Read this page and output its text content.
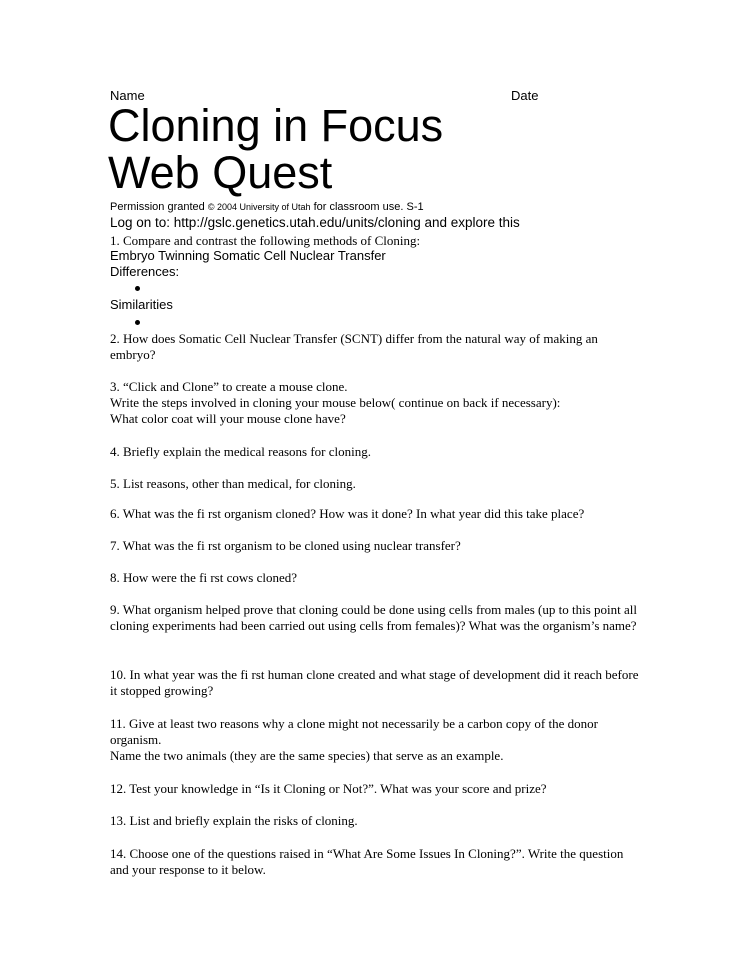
Name	Date
Cloning in Focus
Web Quest
Permission granted © 2004 University of Utah for classroom use. S-1
Log on to: http://gslc.genetics.utah.edu/units/cloning and explore this
1. Compare and contrast the following methods of Cloning:
Embryo Twinning Somatic Cell Nuclear Transfer
Differences:
Similarities
2. How does Somatic Cell Nuclear Transfer (SCNT) differ from the natural way of making an embryo?
3. “Click and Clone” to create a mouse clone.
Write the steps involved in cloning your mouse below( continue on back if necessary):
What color coat will your mouse clone have?
4. Briefly explain the medical reasons for cloning.
5. List reasons, other than medical, for cloning.
6. What was the fi rst organism cloned? How was it done? In what year did this take place?
7. What was the fi rst organism to be cloned using nuclear transfer?
8. How were the fi rst cows cloned?
9. What organism helped prove that cloning could be done using cells from males (up to this point all cloning experiments had been carried out using cells from females)? What was the organism’s name?
10. In what year was the fi rst human clone created and what stage of development did it reach before it stopped growing?
11. Give at least two reasons why a clone might not necessarily be a carbon copy of the donor organism.
Name the two animals (they are the same species) that serve as an example.
12. Test your knowledge in “Is it Cloning or Not?”. What was your score and prize?
13. List and briefly explain the risks of cloning.
14. Choose one of the questions raised in “What Are Some Issues In Cloning?”. Write the question and your response to it below.
